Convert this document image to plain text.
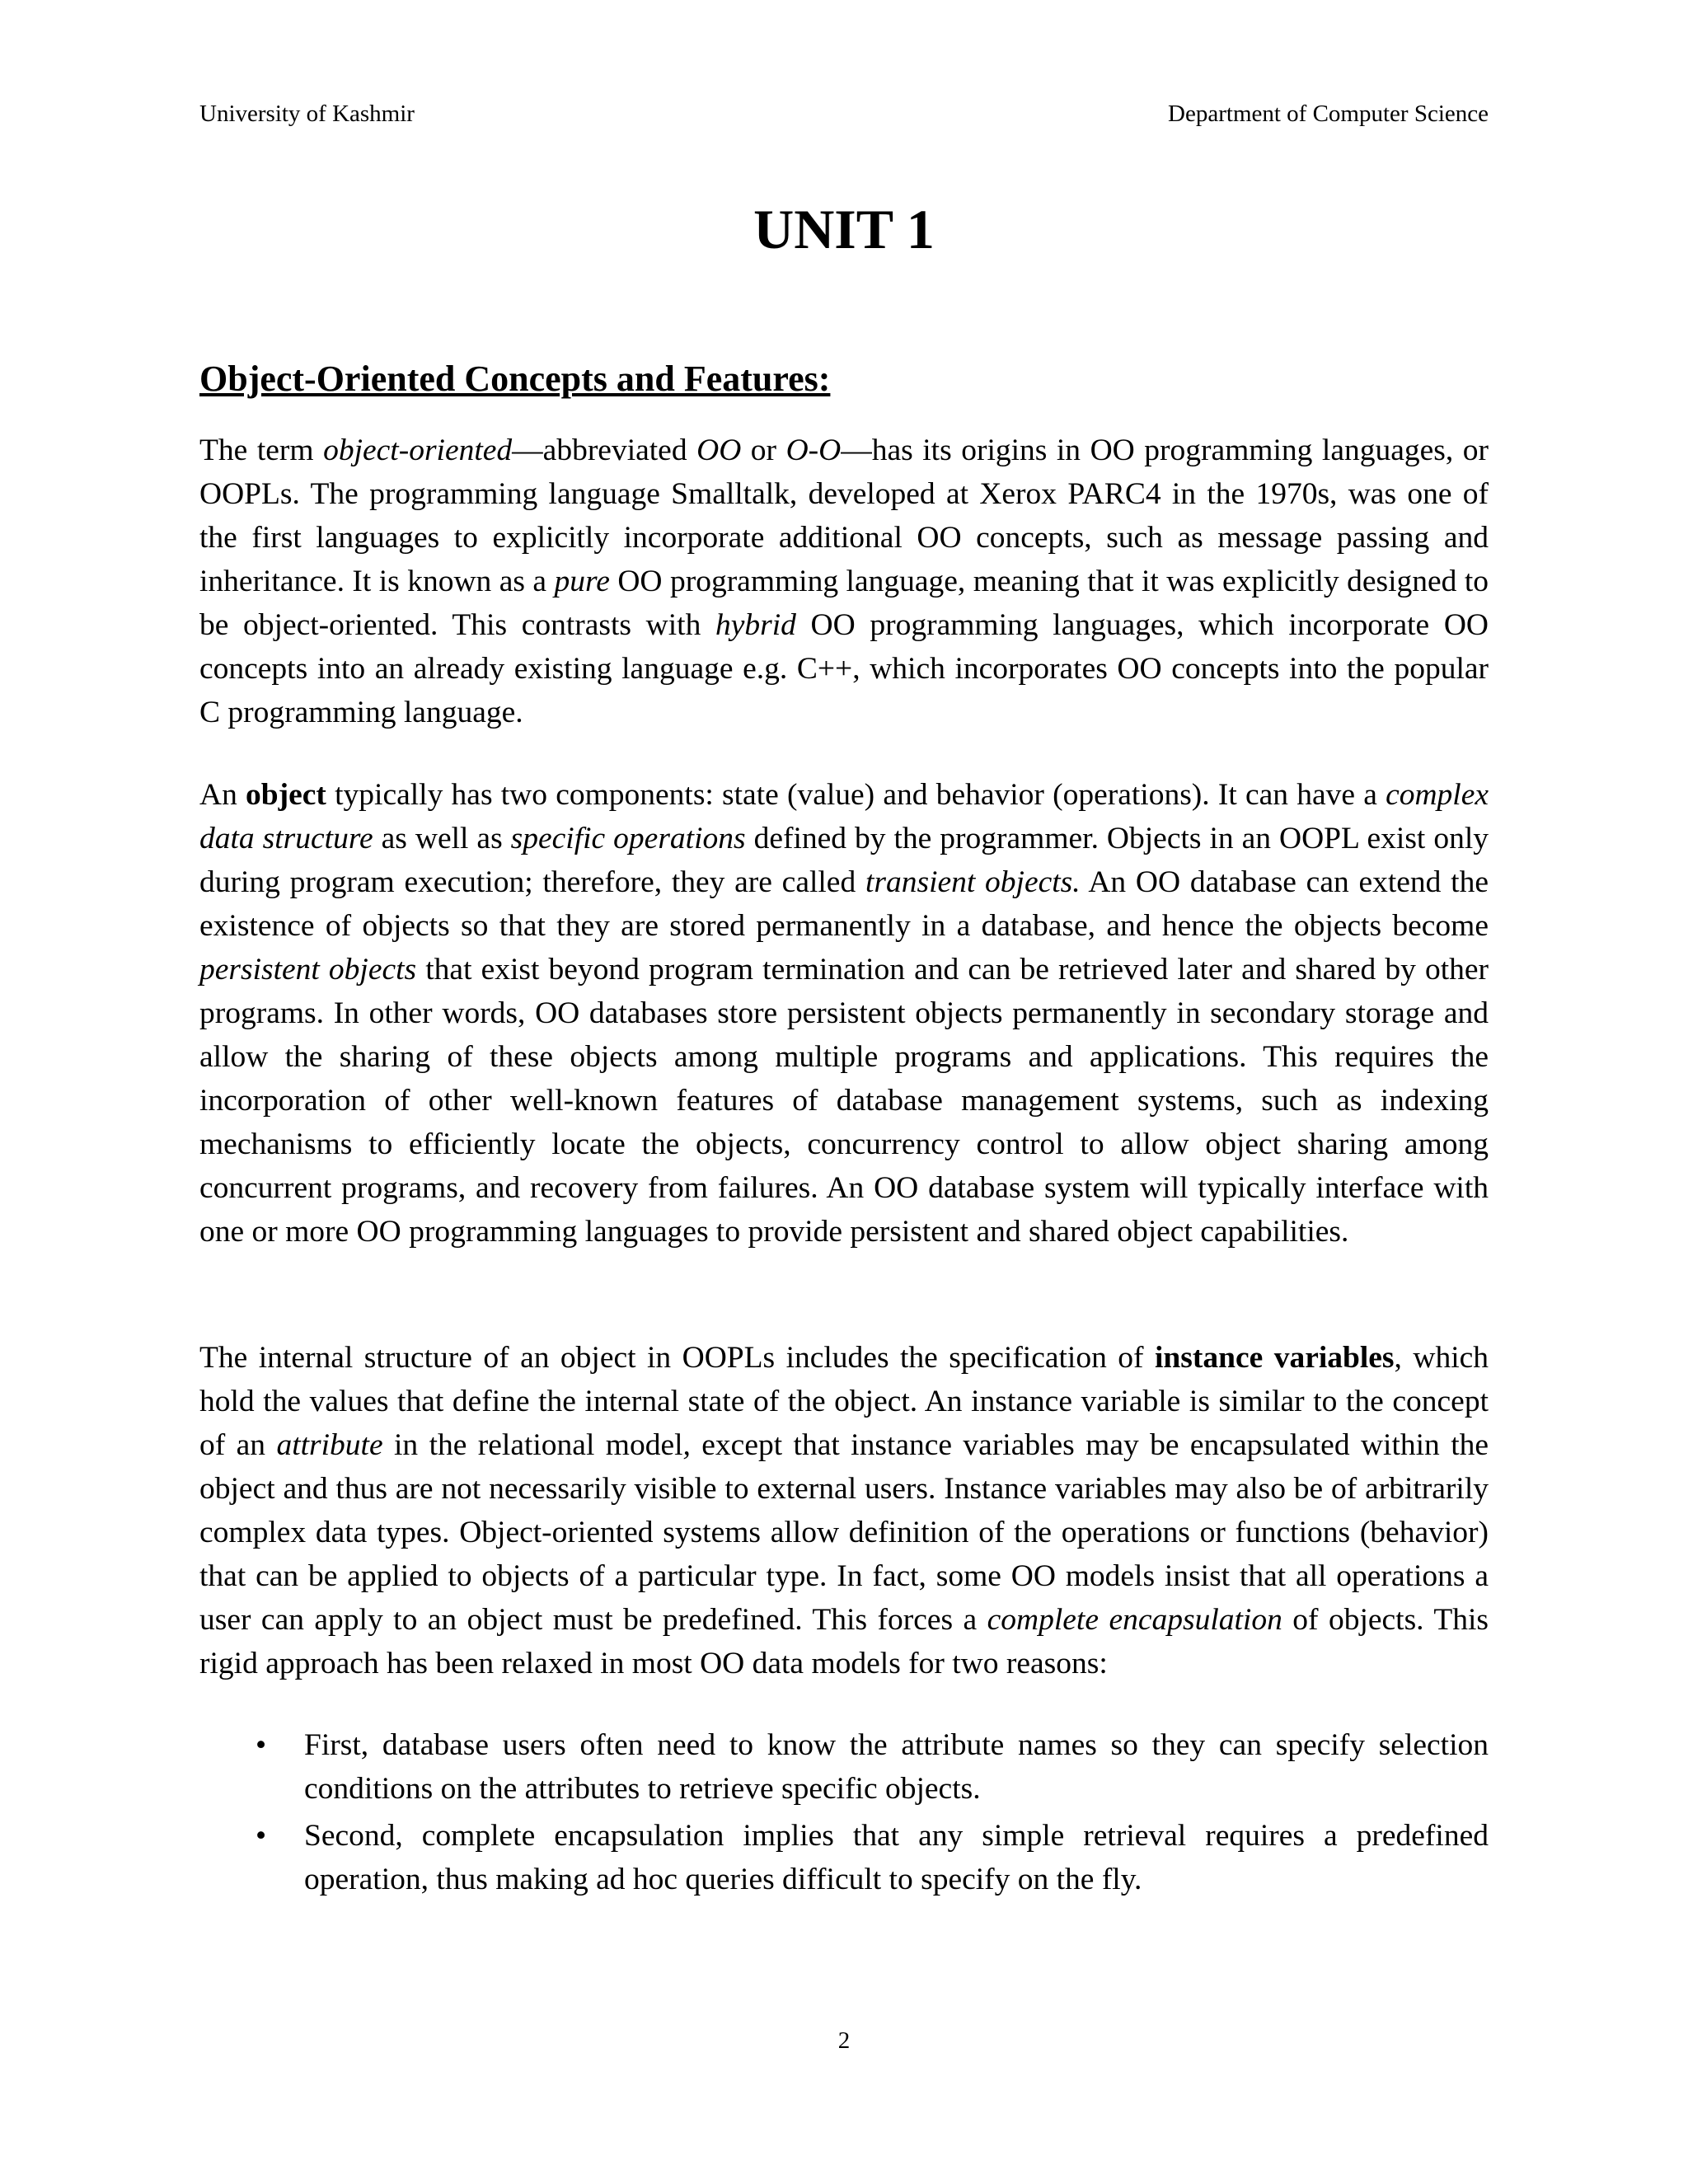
University of Kashmir	Department of Computer Science
UNIT 1
Object-Oriented Concepts and Features:
The term object-oriented—abbreviated OO or O-O—has its origins in OO programming languages, or OOPLs. The programming language Smalltalk, developed at Xerox PARC4 in the 1970s, was one of the first languages to explicitly incorporate additional OO concepts, such as message passing and inheritance. It is known as a pure OO programming language, meaning that it was explicitly designed to be object-oriented. This contrasts with hybrid OO programming languages, which incorporate OO concepts into an already existing language e.g. C++, which incorporates OO concepts into the popular C programming language.
An object typically has two components: state (value) and behavior (operations). It can have a complex data structure as well as specific operations defined by the programmer. Objects in an OOPL exist only during program execution; therefore, they are called transient objects. An OO database can extend the existence of objects so that they are stored permanently in a database, and hence the objects become persistent objects that exist beyond program termination and can be retrieved later and shared by other programs. In other words, OO databases store persistent objects permanently in secondary storage and allow the sharing of these objects among multiple programs and applications. This requires the incorporation of other well-known features of database management systems, such as indexing mechanisms to efficiently locate the objects, concurrency control to allow object sharing among concurrent programs, and recovery from failures. An OO database system will typically interface with one or more OO programming languages to provide persistent and shared object capabilities.
The internal structure of an object in OOPLs includes the specification of instance variables, which hold the values that define the internal state of the object. An instance variable is similar to the concept of an attribute in the relational model, except that instance variables may be encapsulated within the object and thus are not necessarily visible to external users. Instance variables may also be of arbitrarily complex data types. Object-oriented systems allow definition of the operations or functions (behavior) that can be applied to objects of a particular type. In fact, some OO models insist that all operations a user can apply to an object must be predefined. This forces a complete encapsulation of objects. This rigid approach has been relaxed in most OO data models for two reasons:
• First, database users often need to know the attribute names so they can specify selection conditions on the attributes to retrieve specific objects.
• Second, complete encapsulation implies that any simple retrieval requires a predefined operation, thus making ad hoc queries difficult to specify on the fly.
2
